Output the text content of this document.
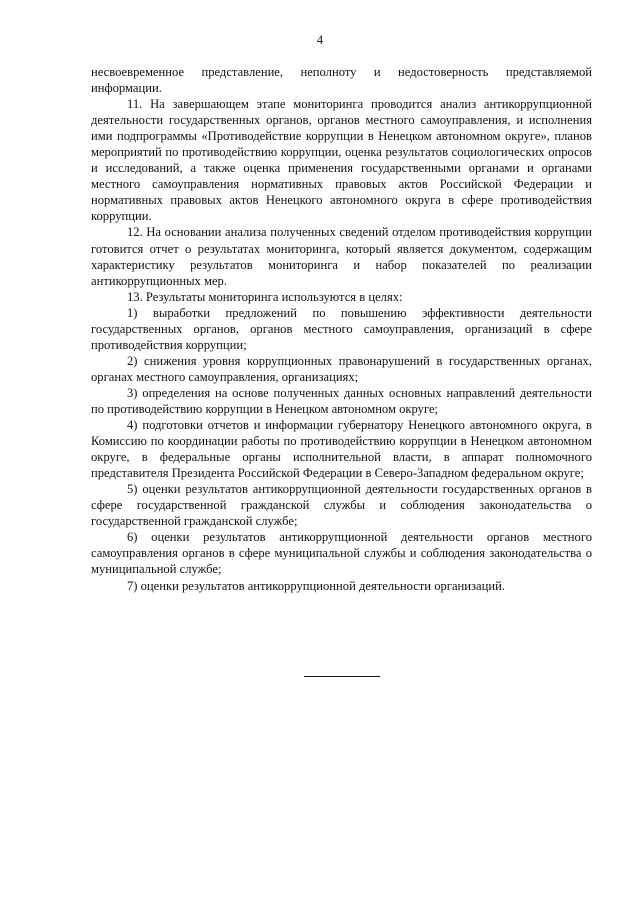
4

несвоевременное представление, неполноту и недостоверность представляемой информации.

11. На завершающем этапе мониторинга проводится анализ антикоррупционной деятельности государственных органов, органов местного самоуправления, и исполнения ими подпрограммы «Противодействие коррупции в Ненецком автономном округе», планов мероприятий по противодействию коррупции, оценка результатов социологических опросов и исследований, а также оценка применения государственными органами и органами местного самоуправления нормативных правовых актов Российской Федерации и нормативных правовых актов Ненецкого автономного округа в сфере противодействия коррупции.

12. На основании анализа полученных сведений отделом противодействия коррупции готовится отчет о результатах мониторинга, который является документом, содержащим характеристику результатов мониторинга и набор показателей по реализации антикоррупционных мер.

13. Результаты мониторинга используются в целях:

1) выработки предложений по повышению эффективности деятельности государственных органов, органов местного самоуправления, организаций в сфере противодействия коррупции;

2) снижения уровня коррупционных правонарушений в государственных органах, органах местного самоуправления, организациях;

3) определения на основе полученных данных основных направлений деятельности по противодействию коррупции в Ненецком автономном округе;

4) подготовки отчетов и информации губернатору Ненецкого автономного округа, в Комиссию по координации работы по противодействию коррупции в Ненецком автономном округе, в федеральные органы исполнительной власти, в аппарат полномочного представителя Президента Российской Федерации в Северо-Западном федеральном округе;

5) оценки результатов антикоррупционной деятельности государственных органов в сфере государственной гражданской службы и соблюдения законодательства о государственной гражданской службе;

6) оценки результатов антикоррупционной деятельности органов местного самоуправления органов в сфере муниципальной службы и соблюдения законодательства о муниципальной службе;

7) оценки результатов антикоррупционной деятельности организаций.
